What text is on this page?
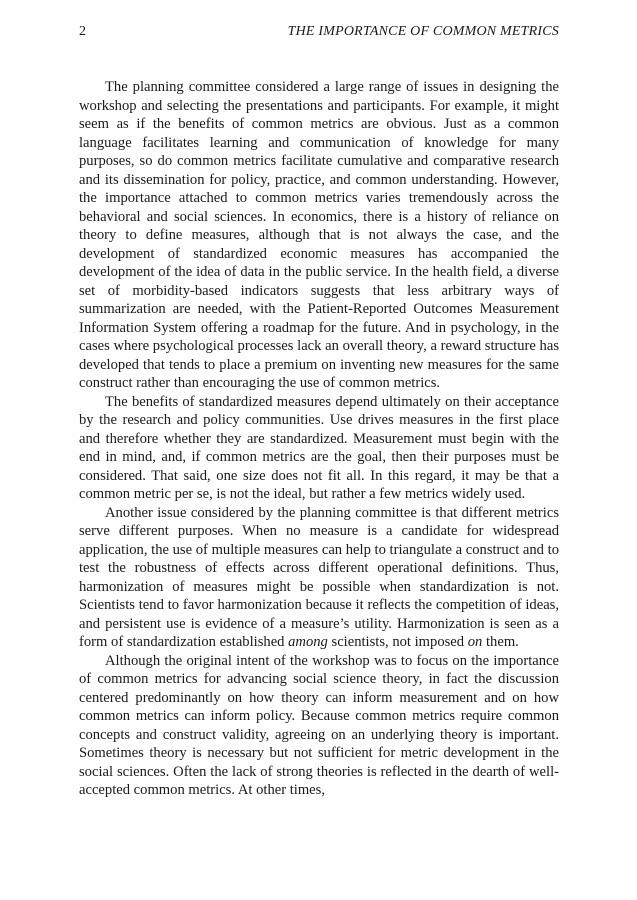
2	THE IMPORTANCE OF COMMON METRICS

The planning committee considered a large range of issues in designing the workshop and selecting the presentations and participants. For example, it might seem as if the benefits of common metrics are obvious. Just as a common language facilitates learning and communication of knowledge for many purposes, so do common metrics facilitate cumulative and comparative research and its dissemination for policy, practice, and common understanding. However, the importance attached to common metrics varies tremendously across the behavioral and social sciences. In economics, there is a history of reliance on theory to define measures, although that is not always the case, and the development of standardized economic measures has accompanied the development of the idea of data in the public service. In the health field, a diverse set of morbidity-based indicators suggests that less arbitrary ways of summarization are needed, with the Patient-Reported Outcomes Measurement Information System offering a roadmap for the future. And in psychology, in the cases where psychological processes lack an overall theory, a reward structure has developed that tends to place a premium on inventing new measures for the same construct rather than encouraging the use of common metrics.

The benefits of standardized measures depend ultimately on their acceptance by the research and policy communities. Use drives measures in the first place and therefore whether they are standardized. Measurement must begin with the end in mind, and, if common metrics are the goal, then their purposes must be considered. That said, one size does not fit all. In this regard, it may be that a common metric per se, is not the ideal, but rather a few metrics widely used.

Another issue considered by the planning committee is that different metrics serve different purposes. When no measure is a candidate for widespread application, the use of multiple measures can help to triangulate a construct and to test the robustness of effects across different operational definitions. Thus, harmonization of measures might be possible when standardization is not. Scientists tend to favor harmonization because it reflects the competition of ideas, and persistent use is evidence of a measure’s utility. Harmonization is seen as a form of standardization established among scientists, not imposed on them.

Although the original intent of the workshop was to focus on the importance of common metrics for advancing social science theory, in fact the discussion centered predominantly on how theory can inform measurement and on how common metrics can inform policy. Because common metrics require common concepts and construct validity, agreeing on an underlying theory is important. Sometimes theory is necessary but not sufficient for metric development in the social sciences. Often the lack of strong theories is reflected in the dearth of well-accepted common metrics. At other times,
